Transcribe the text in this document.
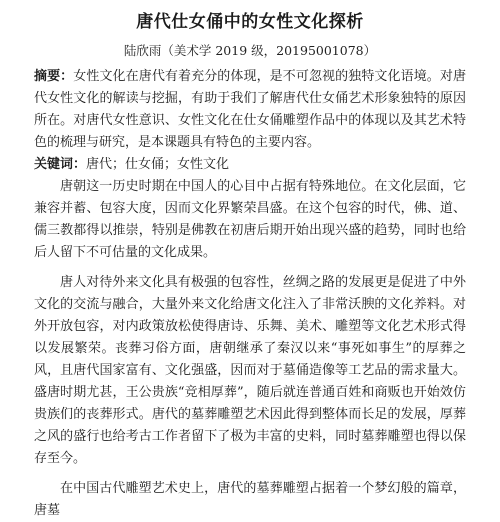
唐代仕女俑中的女性文化探析
陆欣雨（美术学 2019 级，20195001078）

摘要：女性文化在唐代有着充分的体现，是不可忽视的独特文化语境。对唐代女性文化的解读与挖掘，有助于我们了解唐代仕女俑艺术形象独特的原因所在。对唐代女性意识、女性文化在仕女俑雕塑作品中的体现以及其艺术特色的梳理与研究，是本课题具有特色的主要内容。

关键词：唐代；仕女俑；女性文化

唐朝这一历史时期在中国人的心目中占据有特殊地位。在文化层面，它兼容并蓄、包容大度，因而文化界繁荣昌盛。在这个包容的时代，佛、道、儒三教都得以推崇，特别是佛教在初唐后期开始出现兴盛的趋势，同时也给后人留下不可估量的文化成果。

唐人对待外来文化具有极强的包容性，丝绸之路的发展更是促进了中外文化的交流与融合，大量外来文化给唐文化注入了非常沃腴的文化养料。对外开放包容，对内政策放松使得唐诗、乐舞、美术、雕塑等文化艺术形式得以发展繁荣。丧葬习俗方面，唐朝继承了秦汉以来“事死如事生”的厚葬之风，且唐代国家富有、文化强盛，因而对于墓俑造像等工艺品的需求量大。盛唐时期尤甚，王公贵族“竞相厚葬”，随后就连普通百姓和商贩也开始效仿贵族们的丧葬形式。唐代的墓葬雕塑艺术因此得到整体而长足的发展，厚葬之风的盛行也给考古工作者留下了极为丰富的史料，同时墓葬雕塑也得以保存至今。

在中国古代雕塑艺术史上，唐代的墓葬雕塑占据着一个梦幻般的篇章，唐墓
